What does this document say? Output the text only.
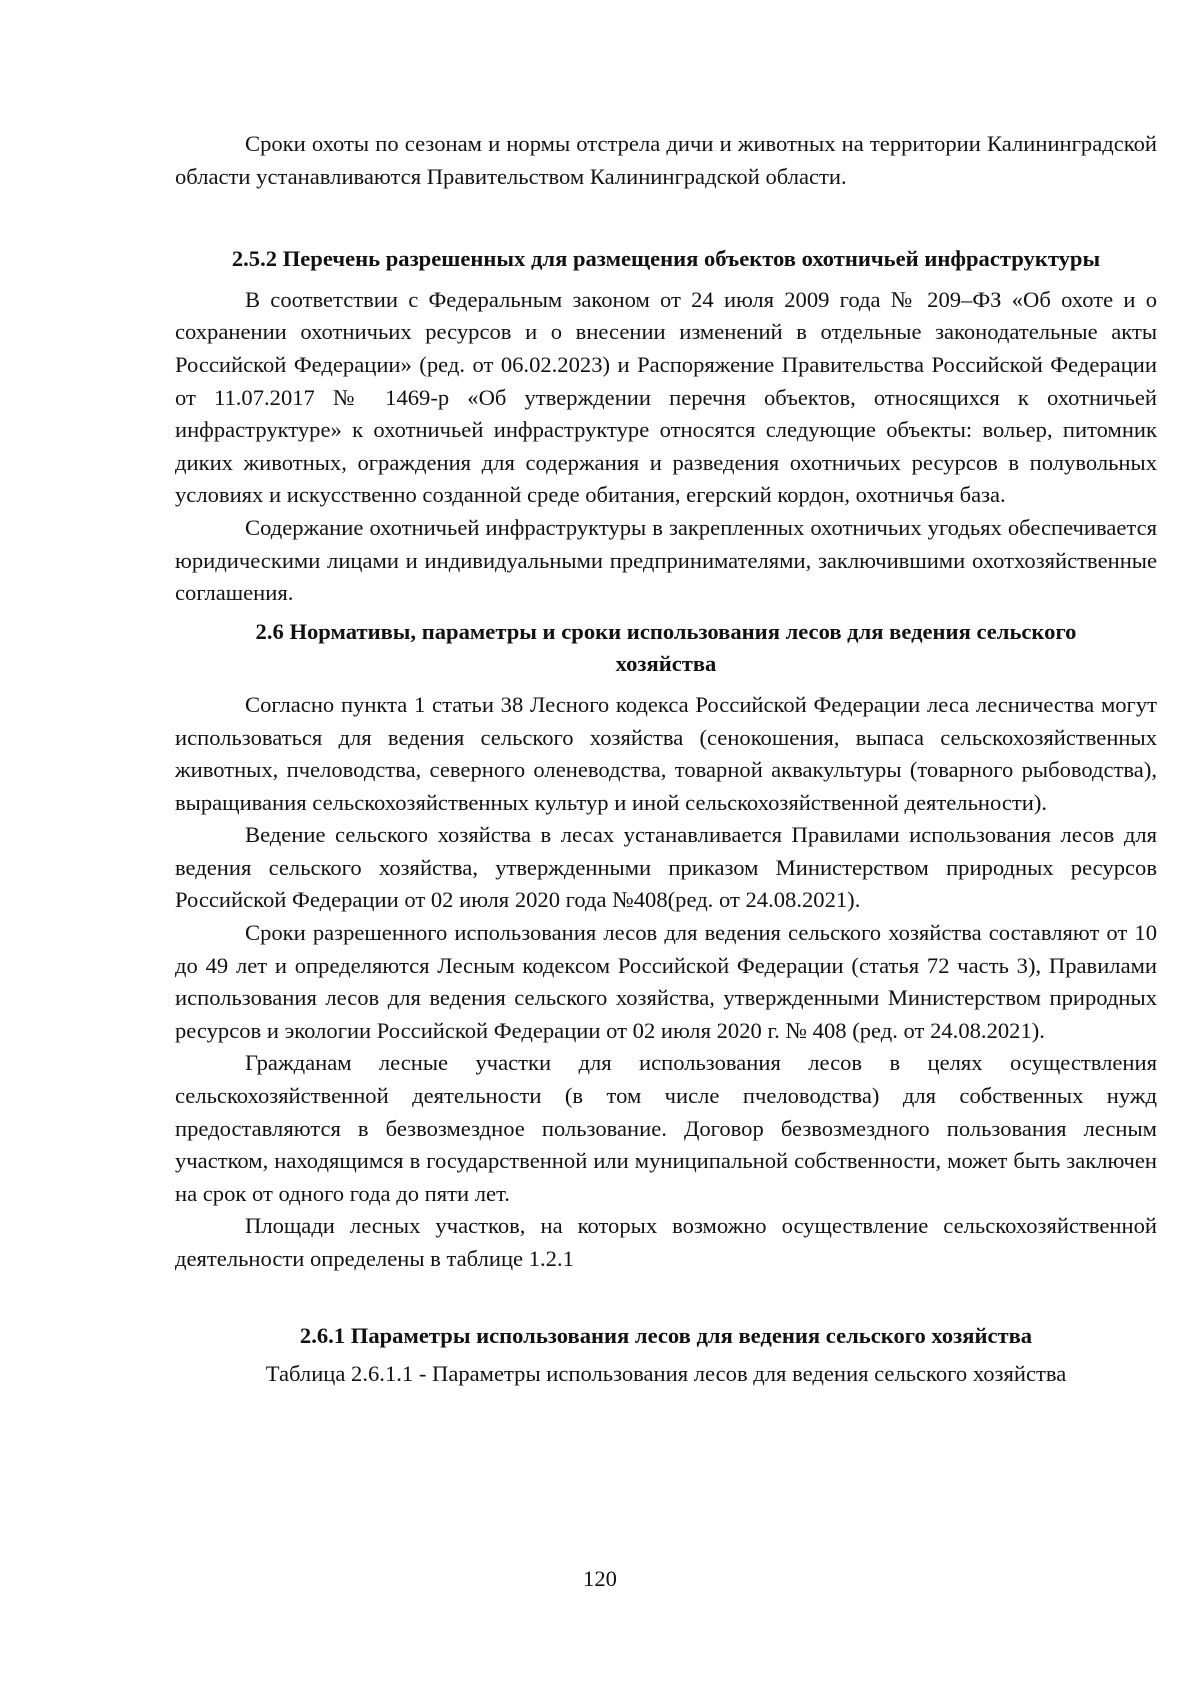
Сроки охоты по сезонам и нормы отстрела дичи и животных на территории Калининградской области устанавливаются Правительством Калининградской области.

2.5.2 Перечень разрешенных для размещения объектов охотничьей инфраструктуры

В соответствии с Федеральным законом от 24 июля 2009 года № 209–ФЗ «Об охоте и о сохранении охотничьих ресурсов и о внесении изменений в отдельные законодательные акты Российской Федерации» (ред. от 06.02.2023) и Распоряжение Правительства Российской Федерации от 11.07.2017 № 1469-р «Об утверждении перечня объектов, относящихся к охотничьей инфраструктуре» к охотничьей инфраструктуре относятся следующие объекты: вольер, питомник диких животных, ограждения для содержания и разведения охотничьих ресурсов в полувольных условиях и искусственно созданной среде обитания, егерский кордон, охотничья база.

Содержание охотничьей инфраструктуры в закрепленных охотничьих угодьях обеспечивается юридическими лицами и индивидуальными предпринимателями, заключившими охотхозяйственные соглашения.

2.6 Нормативы, параметры и сроки использования лесов для ведения сельского хозяйства

Согласно пункта 1 статьи 38 Лесного кодекса Российской Федерации леса лесничества могут использоваться для ведения сельского хозяйства (сенокошения, выпаса сельскохозяйственных животных, пчеловодства, северного оленеводства, товарной аквакультуры (товарного рыбоводства), выращивания сельскохозяйственных культур и иной сельскохозяйственной деятельности).

Ведение сельского хозяйства в лесах устанавливается Правилами использования лесов для ведения сельского хозяйства, утвержденными приказом Министерством природных ресурсов Российской Федерации от 02 июля 2020 года №408(ред. от 24.08.2021).

Сроки разрешенного использования лесов для ведения сельского хозяйства составляют от 10 до 49 лет и определяются Лесным кодексом Российской Федерации (статья 72 часть 3), Правилами использования лесов для ведения сельского хозяйства, утвержденными Министерством природных ресурсов и экологии Российской Федерации от 02 июля 2020 г. № 408 (ред. от 24.08.2021).

Гражданам лесные участки для использования лесов в целях осуществления сельскохозяйственной деятельности (в том числе пчеловодства) для собственных нужд предоставляются в безвозмездное пользование. Договор безвозмездного пользования лесным участком, находящимся в государственной или муниципальной собственности, может быть заключен на срок от одного года до пяти лет.

Площади лесных участков, на которых возможно осуществление сельскохозяйственной деятельности определены в таблице 1.2.1

2.6.1 Параметры использования лесов для ведения сельского хозяйства

Таблица 2.6.1.1 - Параметры использования лесов для ведения сельского хозяйства

120
